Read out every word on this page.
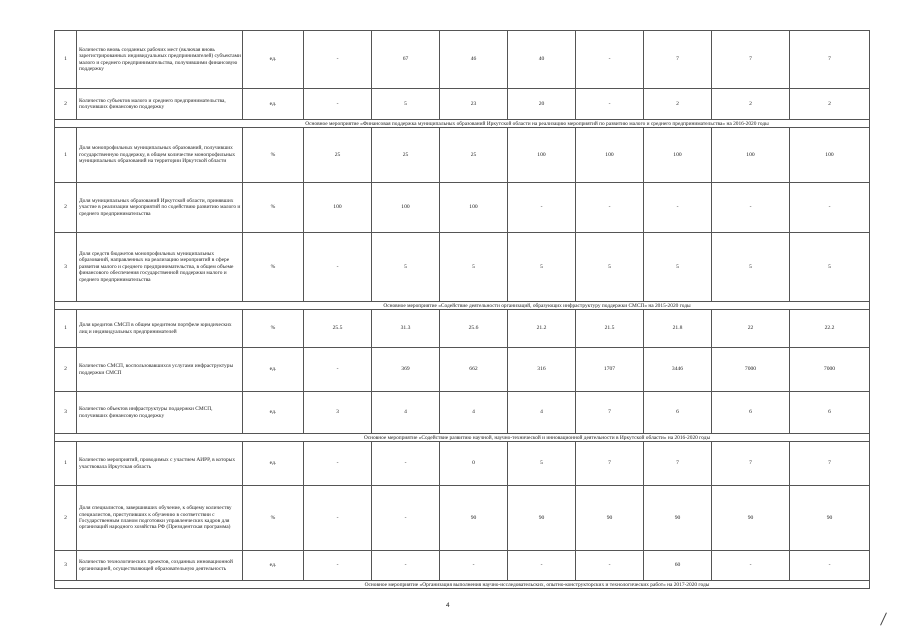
1	Количество вновь созданных рабочих мест (включая вновь зарегистрированных индивидуальных предпринимателей) субъектами малого и среднего предпринимательства, получившими финансовую поддержку	ед.	-	67	46	40	-	7	7	7
2	Количество субъектов малого и среднего предпринимательства, получивших финансовую поддержку	ед.	-	5	23	20	-	2	2	2
Основное мероприятие «Финансовая поддержка муниципальных образований Иркутской области на реализацию мероприятий по развитию малого и среднего предпринимательства» на 2016-2020 годы										
1	Доля монопрофильных муниципальных образований, получивших государственную поддержку, в общем количестве монопрофильных муниципальных образований на территории Иркутской области	%	25	25	25	100	100	100	100	100
2	Доля муниципальных образований Иркутской области, принявших участие в реализации мероприятий по содействию развитию малого и среднего предпринимательства	%	100	100	100	-	-	-	-	-
3	Доля средств бюджетов монопрофильных муниципальных образований, направленных на реализацию мероприятий в сфере развития малого и среднего предпринимательства, в общем объеме финансового обеспечения государственной поддержки малого и среднего предпринимательства	%	-	5	5	5	5	5	5	5
Основное мероприятие «Содействие деятельности организаций, образующих инфраструктуру поддержки СМСП» на 2015-2020 годы										
1	Доля кредитов СМСП в общем кредитном портфеле юридических лиц и индивидуальных предпринимателей	%	25.5	31.3	25.6	21.2	21.5	21.8	22	22.2
2	Количество СМСП, воспользовавшихся услугами инфраструктуры поддержки СМСП	ед.	-	369	662	316	1707	3446	7000	7000
3	Количество объектов инфраструктуры поддержки СМСП, получивших финансовую поддержку	ед.	3	4	4	4	7	6	6	6
Основное мероприятие «Содействие развитию научной, научно-технической и инновационной деятельности в Иркутской области» на 2016-2020 годы										
1	Количество мероприятий, проводимых с участием АИРР, в которых участвовала Иркутская область	ед.	-	-	0	5	7	7	7	7
2	Доля специалистов, завершивших обучение, к общему количеству специалистов, приступивших к обучению в соответствии с Государственным планом подготовки управленческих кадров для организаций народного хозяйства РФ (Президентская программа)	%	-	-	90	90	90	90	90	90
3	Количество технологических проектов, созданных инновационной организацией, осуществляющей образовательную деятельность	ед.	-	-	-	-	-	60	-	-
Основное мероприятие «Организация выполнения научно-исследовательских, опытно-конструкторских и технологических работ» на 2017-2020 годы										
4
